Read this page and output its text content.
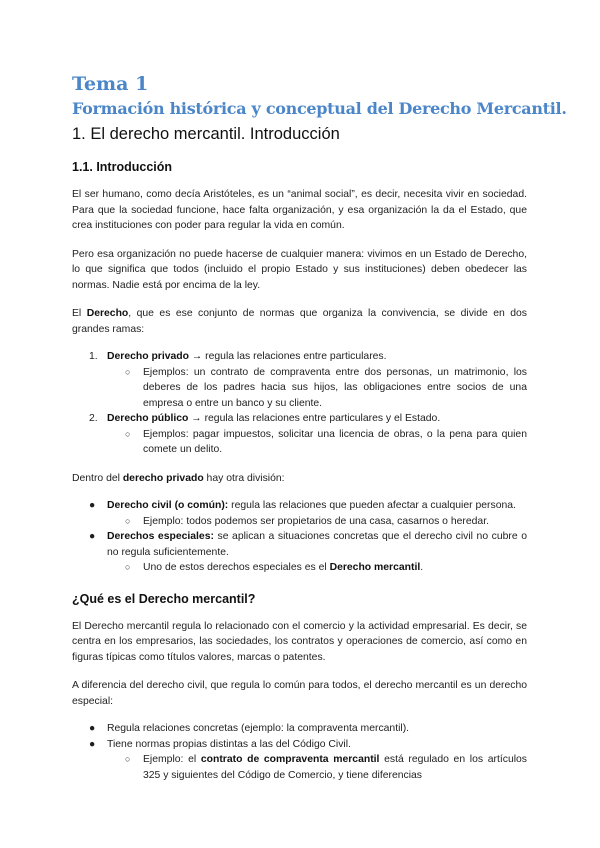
Tema 1
Formación histórica y conceptual del Derecho Mercantil.
1. El derecho mercantil. Introducción
1.1. Introducción

El ser humano, como decía Aristóteles, es un “animal social”, es decir, necesita vivir en sociedad. Para que la sociedad funcione, hace falta organización, y esa organización la da el Estado, que crea instituciones con poder para regular la vida en común.

Pero esa organización no puede hacerse de cualquier manera: vivimos en un Estado de Derecho, lo que significa que todos (incluido el propio Estado y sus instituciones) deben obedecer las normas. Nadie está por encima de la ley.

El Derecho, que es ese conjunto de normas que organiza la convivencia, se divide en dos grandes ramas:

1. Derecho privado → regula las relaciones entre particulares.
○ Ejemplos: un contrato de compraventa entre dos personas, un matrimonio, los deberes de los padres hacia sus hijos, las obligaciones entre socios de una empresa o entre un banco y su cliente.
2. Derecho público → regula las relaciones entre particulares y el Estado.
○ Ejemplos: pagar impuestos, solicitar una licencia de obras, o la pena para quien comete un delito.

Dentro del derecho privado hay otra división:

● Derecho civil (o común): regula las relaciones que pueden afectar a cualquier persona.
○ Ejemplo: todos podemos ser propietarios de una casa, casarnos o heredar.
● Derechos especiales: se aplican a situaciones concretas que el derecho civil no cubre o no regula suficientemente.
○ Uno de estos derechos especiales es el Derecho mercantil.
¿Qué es el Derecho mercantil?

El Derecho mercantil regula lo relacionado con el comercio y la actividad empresarial. Es decir, se centra en los empresarios, las sociedades, los contratos y operaciones de comercio, así como en figuras típicas como títulos valores, marcas o patentes.

A diferencia del derecho civil, que regula lo común para todos, el derecho mercantil es un derecho especial:

● Regula relaciones concretas (ejemplo: la compraventa mercantil).
● Tiene normas propias distintas a las del Código Civil.
○ Ejemplo: el contrato de compraventa mercantil está regulado en los artículos 325 y siguientes del Código de Comercio, y tiene diferencias
